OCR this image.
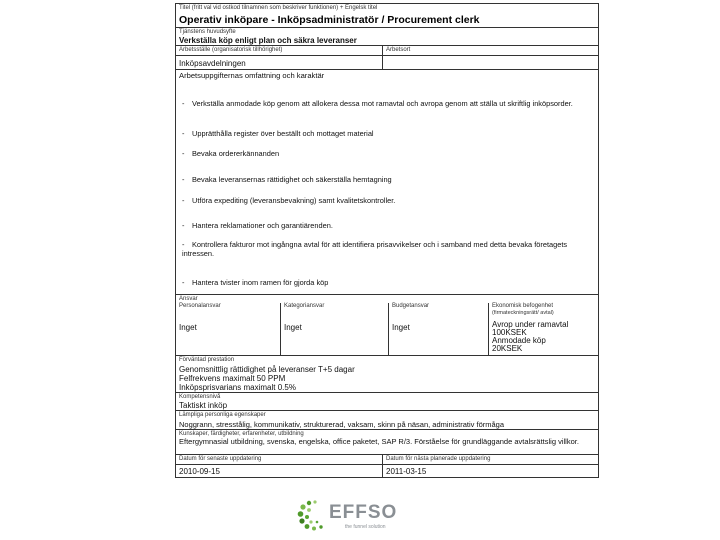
Titel (fritt val vid ostkod tilnamnen som beskriver funktionen) + Engelsk titel
Operativ inköpare - Inköpsadministratör / Procurement clerk
Tjänstens huvudsyfte
Verkställa köp enligt plan och säkra leveranser
Arbetsställe (organisatorisk tillhörighet)	Arbetsort
Inköpsavdelningen
Arbetsuppgifternas omfattning och karaktär
- Verkställa anmodade köp genom att allokera dessa mot ramavtal och avropa genom att ställa ut skriftlig inköpsorder.
- Upprätthålla register över beställt och mottaget material
- Bevaka ordererkännanden
- Bevaka leveransernas rättidighet och säkerställa hemtagning
- Utföra expediting (leveransbevakning) samt kvalitetskontroller.
- Hantera reklamationer och garantiärenden.
- Kontrollera fakturor mot ingångna avtal för att identifiera prisavvikelser och i samband med detta bevaka företagets intressen.
- Hantera tvister inom ramen för gjorda köp
Ansvar
Personalansvar	Kategoriansvar	Budgetansvar	Ekonomisk befogenhet
(firmateckningsrätt/ avtal)
Inget	Inget	Inget	Avrop under ramavtal
100KSEK
Anmodade köp
20KSEK
Förväntad prestation
Genomsnittlig rättidighet på leveranser T+5 dagar
Felfrekvens maximalt 50 PPM
Inköpsprisvarians maximalt 0.5%
Kompetensnivå
Taktiskt inköp
Lämpliga personliga egenskaper
Noggrann, stresstålig, kommunikativ, strukturerad, vaksam, skinn på näsan, administrativ förmåga
Kunskaper, färdigheter, erfarenheter, utbildning
Eftergymnasial utbildning, svenska, engelska, office paketet, SAP R/3. Förståelse för grundläggande avtalsrättslig villkor.
Datum för senaste uppdatering	Datum för nästa planerade uppdatering
2010-09-15	2011-03-15
EFFSO
the funnel solution
